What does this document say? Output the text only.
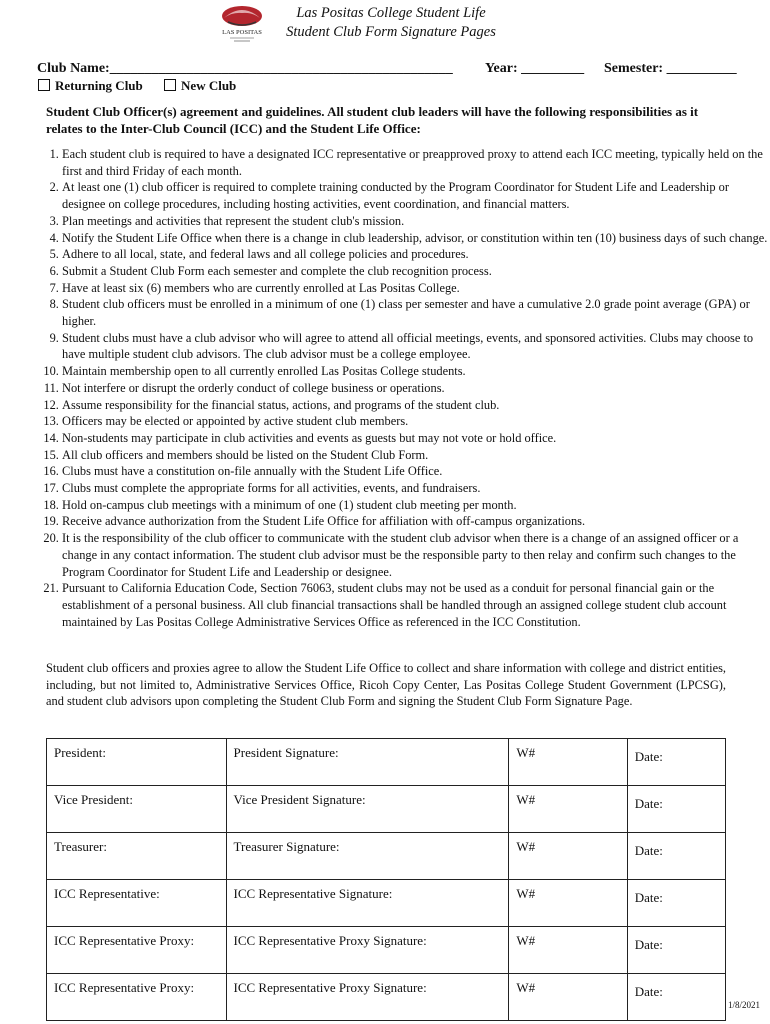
LAS POSITAS
Las Positas College Student Life
Student Club Form Signature Pages
Club Name:_________________________________________________ Year: _________ Semester: __________
Returning Club	New Club
Student Club Officer(s) agreement and guidelines. All student club leaders will have the following responsibilities as it relates to the Inter-Club Council (ICC) and the Student Life Office:
1. Each student club is required to have a designated ICC representative or preapproved proxy to attend each ICC meeting, typically held on the first and third Friday of each month.
2. At least one (1) club officer is required to complete training conducted by the Program Coordinator for Student Life and Leadership or designee on college procedures, including hosting activities, event coordination, and financial matters.
3. Plan meetings and activities that represent the student club's mission.
4. Notify the Student Life Office when there is a change in club leadership, advisor, or constitution within ten (10) business days of such change.
5. Adhere to all local, state, and federal laws and all college policies and procedures.
6. Submit a Student Club Form each semester and complete the club recognition process.
7. Have at least six (6) members who are currently enrolled at Las Positas College.
8. Student club officers must be enrolled in a minimum of one (1) class per semester and have a cumulative 2.0 grade point average (GPA) or higher.
9. Student clubs must have a club advisor who will agree to attend all official meetings, events, and sponsored activities. Clubs may choose to have multiple student club advisors. The club advisor must be a college employee.
10. Maintain membership open to all currently enrolled Las Positas College students.
11. Not interfere or disrupt the orderly conduct of college business or operations.
12. Assume responsibility for the financial status, actions, and programs of the student club.
13. Officers may be elected or appointed by active student club members.
14. Non-students may participate in club activities and events as guests but may not vote or hold office.
15. All club officers and members should be listed on the Student Club Form.
16. Clubs must have a constitution on-file annually with the Student Life Office.
17. Clubs must complete the appropriate forms for all activities, events, and fundraisers.
18. Hold on-campus club meetings with a minimum of one (1) student club meeting per month.
19. Receive advance authorization from the Student Life Office for affiliation with off-campus organizations.
20. It is the responsibility of the club officer to communicate with the student club advisor when there is a change of an assigned officer or a change in any contact information. The student club advisor must be the responsible party to then relay and confirm such changes to the Program Coordinator for Student Life and Leadership or designee.
21. Pursuant to California Education Code, Section 76063, student clubs may not be used as a conduit for personal financial gain or the establishment of a personal business. All club financial transactions shall be handled through an assigned college student club account maintained by Las Positas College Administrative Services Office as referenced in the ICC Constitution.
Student club officers and proxies agree to allow the Student Life Office to collect and share information with college and district entities, including, but not limited to, Administrative Services Office, Ricoh Copy Center, Las Positas College Student Government (LPCSG), and student club advisors upon completing the Student Club Form and signing the Student Club Form Signature Page.
President:	President Signature:	W#	Date:
Vice President:	Vice President Signature:	W#	Date:
Treasurer:	Treasurer Signature:	W#	Date:
ICC Representative:	ICC Representative Signature:	W#	Date:
ICC Representative Proxy:	ICC Representative Proxy Signature:	W#	Date:
ICC Representative Proxy:	ICC Representative Proxy Signature:	W#	Date:
1/8/2021
